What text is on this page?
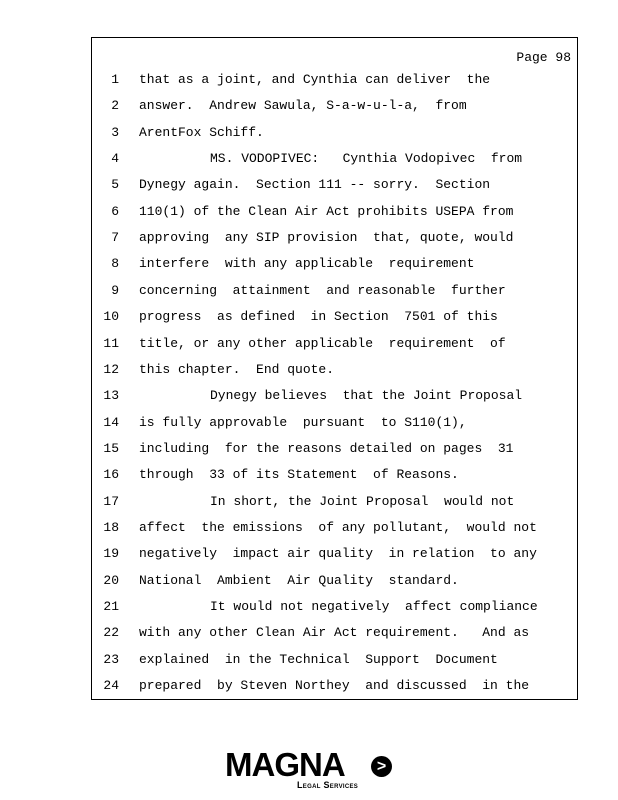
Page 98
1 that as a joint, and Cynthia can deliver  the
2 answer.  Andrew Sawula, S-a-w-u-l-a,  from
3 ArentFox Schiff.
4	MS. VODOPIVEC:   Cynthia Vodopivec  from
5 Dynegy again.  Section 111 -- sorry.  Section
6 110(1) of the Clean Air Act prohibits USEPA from
7 approving  any SIP provision  that, quote, would
8 interfere  with any applicable  requirement
9 concerning  attainment  and reasonable  further
10 progress  as defined  in Section  7501 of this
11 title, or any other applicable  requirement  of
12 this chapter.  End quote.
13	Dynegy believes  that the Joint Proposal
14 is fully approvable  pursuant  to S110(1),
15 including  for the reasons detailed on pages  31
16 through  33 of its Statement  of Reasons.
17	In short, the Joint Proposal  would not
18 affect  the emissions  of any pollutant,  would not
19 negatively  impact air quality  in relation  to any
20 National  Ambient  Air Quality  standard.
21	It would not negatively  affect compliance
22 with any other Clean Air Act requirement.   And as
23 explained  in the Technical  Support  Document
24 prepared  by Steven Northey  and discussed  in the
MAGNA	>
Legal Services
